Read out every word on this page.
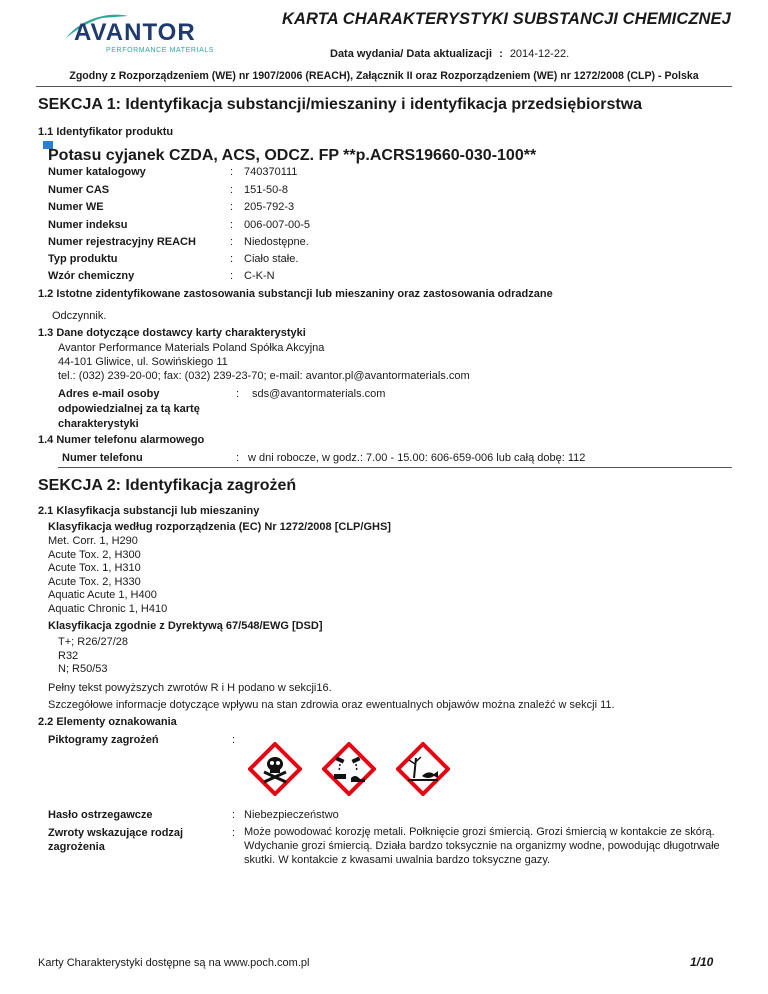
AVANTOR
PERFORMANCE MATERIALS
KARTA CHARAKTERYSTYKI SUBSTANCJI CHEMICZNEJ
Data wydania/ Data aktualizacji : 2014-12-22.
Zgodny z Rozporządzeniem (WE) nr 1907/2006 (REACH), Załącznik II oraz Rozporządzeniem (WE) nr 1272/2008 (CLP) - Polska
SEKCJA 1: Identyfikacja substancji/mieszaniny i identyfikacja przedsiębiorstwa
1.1 Identyfikator produktu
Potasu cyjanek CZDA, ACS, ODCZ. FP **p.ACRS19660-030-100**
Numer katalogowy	: 740370111
Numer CAS	: 151-50-8
Numer WE	: 205-792-3
Numer indeksu	: 006-007-00-5
Numer rejestracyjny REACH	: Niedostępne.
Typ produktu	: Ciało stałe.
Wzór chemiczny	: C-K-N
1.2 Istotne zidentyfikowane zastosowania substancji lub mieszaniny oraz zastosowania odradzane
Odczynnik.
1.3 Dane dotyczące dostawcy karty charakterystyki
Avantor Performance Materials Poland Spółka Akcyjna
44-101 Gliwice, ul. Sowińskiego 11
tel.: (032) 239-20-00; fax: (032) 239-23-70; e-mail: avantor.pl@avantormaterials.com
Adres e-mail osoby
odpowiedzialnej za tą kartę
charakterystyki
: sds@avantormaterials.com
1.4 Numer telefonu alarmowego
Numer telefonu	: w dni robocze, w godz.: 7.00 - 15.00: 606-659-006 lub całą dobę: 112
SEKCJA 2: Identyfikacja zagrożeń
2.1 Klasyfikacja substancji lub mieszaniny
Klasyfikacja według rozporządzenia (EC) Nr 1272/2008 [CLP/GHS]
Met. Corr. 1, H290
Acute Tox. 2, H300
Acute Tox. 1, H310
Acute Tox. 2, H330
Aquatic Acute 1, H400
Aquatic Chronic 1, H410
Klasyfikacja zgodnie z Dyrektywą 67/548/EWG [DSD]
T+; R26/27/28
R32
N; R50/53
Pełny tekst powyższych zwrotów R i H podano w sekcji16.
Szczegółowe informacje dotyczące wpływu na stan zdrowia oraz ewentualnych objawów można znaleźć w sekcji 11.
2.2 Elementy oznakowania
Piktogramy zagrożeń	:
Hasło ostrzegawcze	: Niebezpieczeństwo
Zwroty wskazujące rodzaj
zagrożenia
: Może powodować korozję metali. Połknięcie grozi śmiercią. Grozi śmiercią w kontakcie ze skórą.
Wdychanie grozi śmiercią. Działa bardzo toksycznie na organizmy wodne, powodując długotrwałe
skutki. W kontakcie z kwasami uwalnia bardzo toksyczne gazy.
Karty Charakterystyki dostępne są na www.poch.com.pl	1/10
